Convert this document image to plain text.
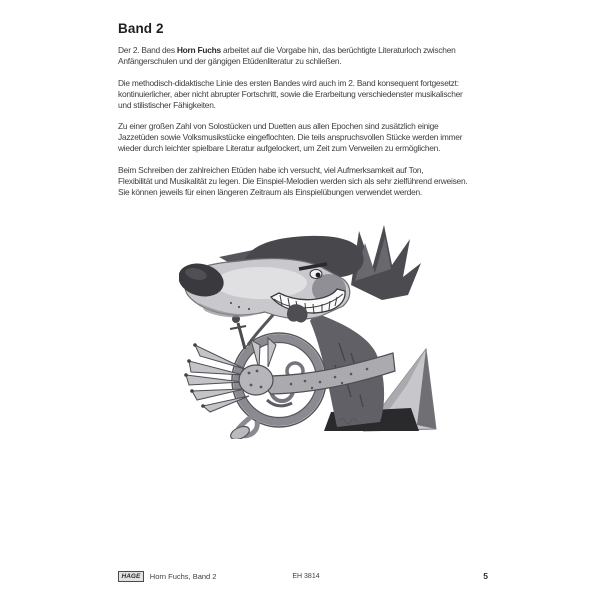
Band 2

Der 2. Band des Horn Fuchs arbeitet auf die Vorgabe hin, das berüchtigte Literaturloch zwischen
Anfängerschulen und der gängigen Etüdenliteratur zu schließen.

Die methodisch-didaktische Linie des ersten Bandes wird auch im 2. Band konsequent fortgesetzt:
kontinuierlicher, aber nicht abrupter Fortschritt, sowie die Erarbeitung verschiedenster musikalischer
und stilistischer Fähigkeiten.

Zu einer großen Zahl von Solostücken und Duetten aus allen Epochen sind zusätzlich einige
Jazzetüden sowie Volksmusikstücke eingeflochten. Die teils anspruchsvollen Stücke werden immer
wieder durch leichter spielbare Literatur aufgelockert, um Zeit zum Verweilen zu ermöglichen.

Beim Schreiben der zahlreichen Etüden habe ich versucht, viel Aufmerksamkeit auf Ton,
Flexibilität und Musikalität zu legen. Die Einspiel-Melodien werden sich als sehr zielführend erweisen.
Sie können jeweils für einen längeren Zeitraum als Einspielübungen verwendet werden.

HAGE	Horn Fuchs, Band 2	EH 3814	5
